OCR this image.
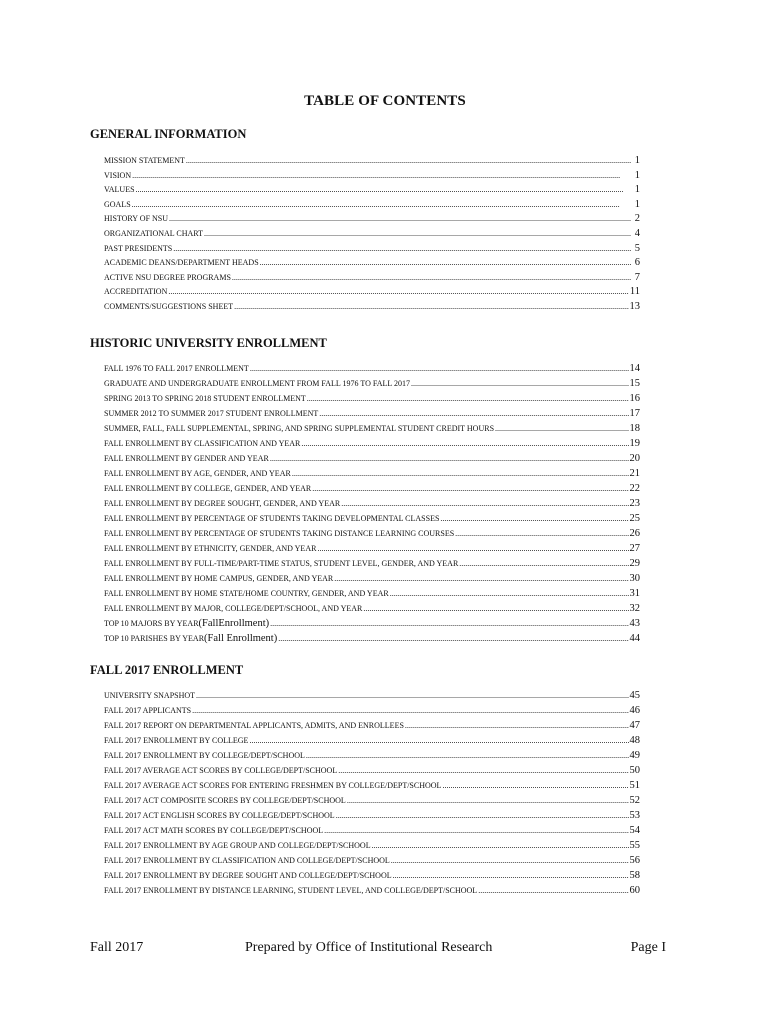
TABLE OF CONTENTS
GENERAL INFORMATION
MISSION STATEMENT .....	1
VISION .....	1
VALUES .....	1
GOALS .....	1
HISTORY OF NSU .....	2
ORGANIZATIONAL CHART .....	4
PAST PRESIDENTS .....	5
ACADEMIC DEANS/DEPARTMENT HEADS .....	6
ACTIVE NSU DEGREE PROGRAMS .....	7
ACCREDITATION .....	11
COMMENTS/SUGGESTIONS SHEET .....	13
HISTORIC UNIVERSITY ENROLLMENT
FALL 1976 TO FALL 2017 ENROLLMENT .....	14
GRADUATE AND UNDERGRADUATE ENROLLMENT FROM FALL 1976 TO FALL 2017 .....	15
SPRING 2013 TO SPRING 2018 STUDENT ENROLLMENT .....	16
SUMMER 2012 TO SUMMER 2017 STUDENT ENROLLMENT .....	17
SUMMER, FALL, FALL SUPPLEMENTAL, SPRING, AND SPRING SUPPLEMENTAL STUDENT CREDIT HOURS .....	18
FALL ENROLLMENT BY CLASSIFICATION AND YEAR .....	19
FALL ENROLLMENT BY GENDER AND YEAR .....	20
FALL ENROLLMENT BY AGE, GENDER, AND YEAR .....	21
FALL ENROLLMENT BY COLLEGE, GENDER, AND YEAR .....	22
FALL ENROLLMENT BY DEGREE SOUGHT, GENDER, AND YEAR .....	23
FALL ENROLLMENT BY PERCENTAGE OF STUDENTS TAKING DEVELOPMENTAL CLASSES .....	25
FALL ENROLLMENT BY PERCENTAGE OF STUDENTS TAKING DISTANCE LEARNING COURSES .....	26
FALL ENROLLMENT BY ETHNICITY, GENDER, AND YEAR .....	27
FALL ENROLLMENT BY FULL-TIME/PART-TIME STATUS, STUDENT LEVEL, GENDER, AND YEAR .....	29
FALL ENROLLMENT BY HOME CAMPUS, GENDER, AND YEAR .....	30
FALL ENROLLMENT BY HOME STATE/HOME COUNTRY, GENDER, AND YEAR .....	31
FALL ENROLLMENT BY MAJOR, COLLEGE/DEPT/SCHOOL, AND YEAR .....	32
TOP 10 MAJORS BY YEAR(FallEnrollment) .....	43
TOP 10 PARISHES BY YEAR(Fall Enrollment) .....	44
FALL 2017 ENROLLMENT
UNIVERSITY SNAPSHOT .....	45
FALL 2017 APPLICANTS .....	46
FALL 2017 REPORT ON DEPARTMENTAL APPLICANTS, ADMITS, AND ENROLLEES .....	47
FALL 2017 ENROLLMENT BY COLLEGE .....	48
FALL 2017 ENROLLMENT BY COLLEGE/DEPT/SCHOOL .....	49
FALL 2017 AVERAGE ACT SCORES BY COLLEGE/DEPT/SCHOOL .....	50
FALL 2017 AVERAGE ACT SCORES FOR ENTERING FRESHMEN BY COLLEGE/DEPT/SCHOOL .....	51
FALL 2017 ACT COMPOSITE SCORES BY COLLEGE/DEPT/SCHOOL .....	52
FALL 2017 ACT ENGLISH SCORES BY COLLEGE/DEPT/SCHOOL .....	53
FALL 2017 ACT MATH SCORES BY COLLEGE/DEPT/SCHOOL .....	54
FALL 2017 ENROLLMENT BY AGE GROUP AND COLLEGE/DEPT/SCHOOL .....	55
FALL 2017 ENROLLMENT BY CLASSIFICATION AND COLLEGE/DEPT/SCHOOL .....	56
FALL 2017 ENROLLMENT BY DEGREE SOUGHT AND COLLEGE/DEPT/SCHOOL .....	58
FALL 2017 ENROLLMENT BY DISTANCE LEARNING, STUDENT LEVEL, AND COLLEGE/DEPT/SCHOOL .....	60
Fall 2017	Prepared by Office of Institutional Research	Page I
